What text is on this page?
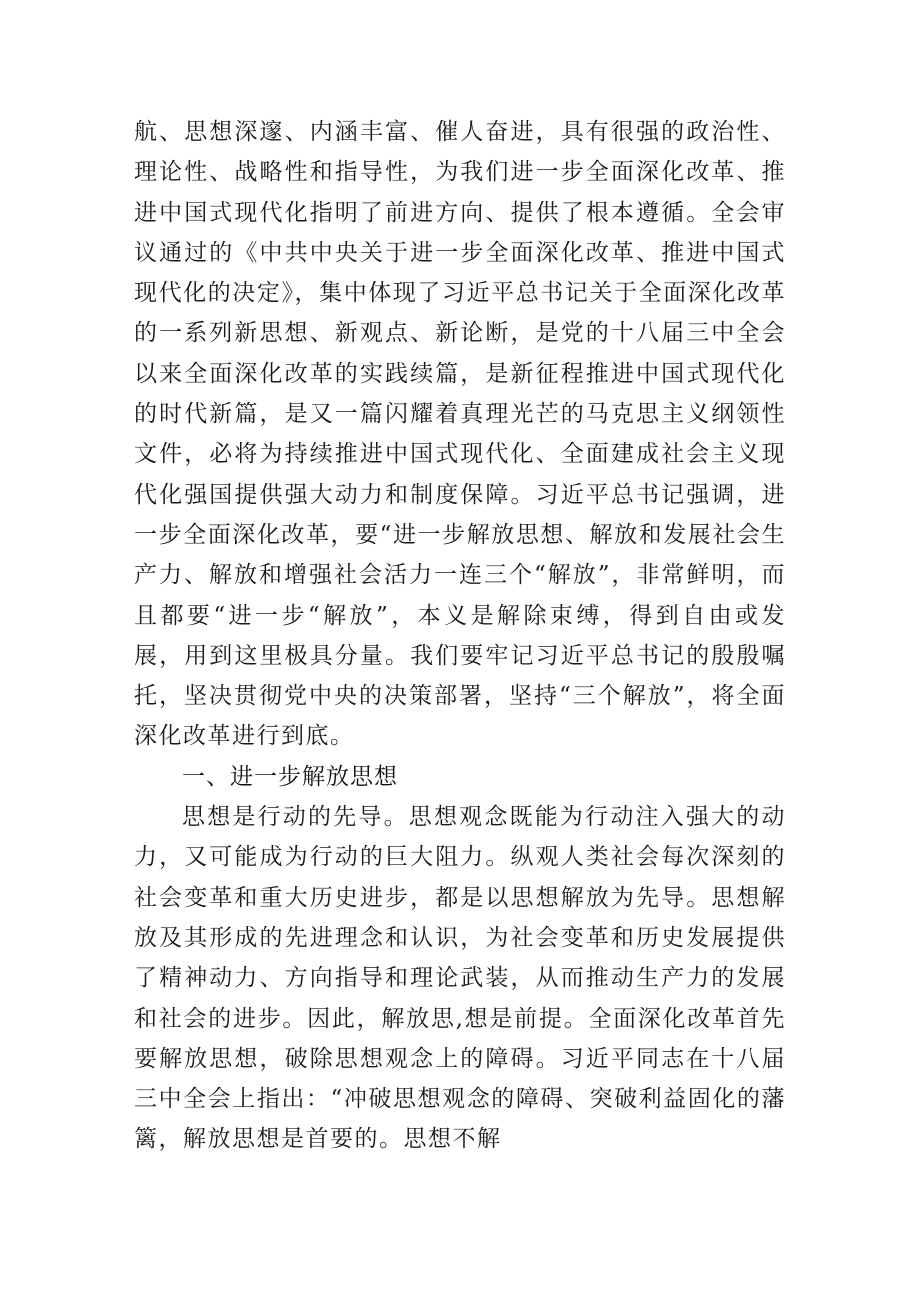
航、思想深邃、内涵丰富、催人奋进，具有很强的政治性、理论性、战略性和指导性，为我们进一步全面深化改革、推进中国式现代化指明了前进方向、提供了根本遵循。全会审议通过的《中共中央关于进一步全面深化改革、推进中国式现代化的决定》，集中体现了习近平总书记关于全面深化改革的一系列新思想、新观点、新论断，是党的十八届三中全会以来全面深化改革的实践续篇，是新征程推进中国式现代化的时代新篇，是又一篇闪耀着真理光芒的马克思主义纲领性文件，必将为持续推进中国式现代化、全面建成社会主义现代化强国提供强大动力和制度保障。习近平总书记强调，进一步全面深化改革，要“进一步解放思想、解放和发展社会生产力、解放和增强社会活力一连三个“解放”，非常鲜明，而且都要“进一步“解放”，本义是解除束缚，得到自由或发展，用到这里极具分量。我们要牢记习近平总书记的殷殷嘱托，坚决贯彻党中央的决策部署，坚持“三个解放”，将全面深化改革进行到底。

一、进一步解放思想

思想是行动的先导。思想观念既能为行动注入强大的动力，又可能成为行动的巨大阻力。纵观人类社会每次深刻的社会变革和重大历史进步，都是以思想解放为先导。思想解放及其形成的先进理念和认识，为社会变革和历史发展提供了精神动力、方向指导和理论武装，从而推动生产力的发展和社会的进步。因此，解放思,想是前提。全面深化改革首先要解放思想，破除思想观念上的障碍。习近平同志在十八届三中全会上指出：“冲破思想观念的障碍、突破利益固化的藩篱，解放思想是首要的。思想不解
